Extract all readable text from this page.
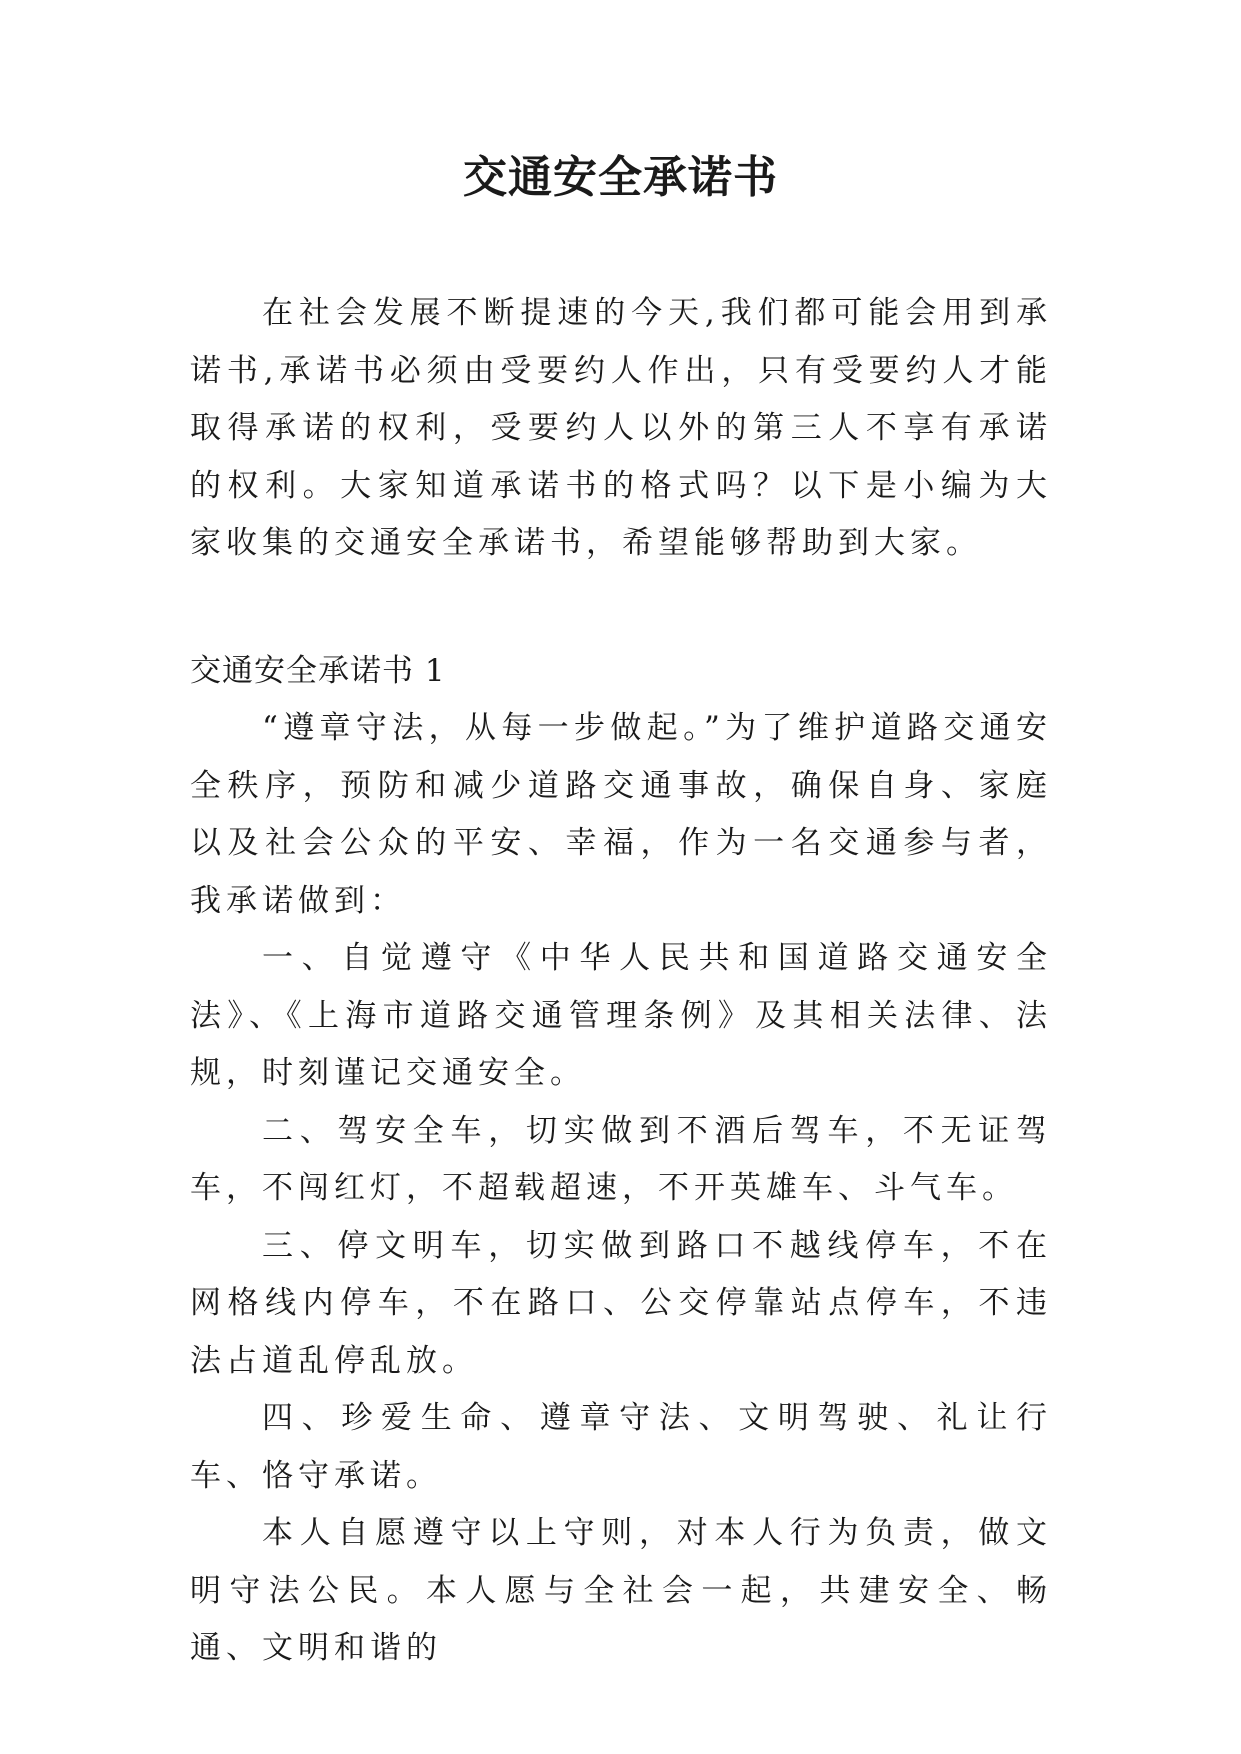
交通安全承诺书

在社会发展不断提速的今天,我们都可能会用到承诺书,承诺书必须由受要约人作出，只有受要约人才能取得承诺的权利，受要约人以外的第三人不享有承诺的权利。大家知道承诺书的格式吗？以下是小编为大家收集的交通安全承诺书，希望能够帮助到大家。

交通安全承诺书 1

“遵章守法，从每一步做起。”为了维护道路交通安全秩序，预防和减少道路交通事故，确保自身、家庭以及社会公众的平安、幸福，作为一名交通参与者，我承诺做到：

一、自觉遵守《中华人民共和国道路交通安全法》、《上海市道路交通管理条例》及其相关法律、法规，时刻谨记交通安全。

二、驾安全车，切实做到不酒后驾车，不无证驾车，不闯红灯，不超载超速，不开英雄车、斗气车。

三、停文明车，切实做到路口不越线停车，不在网格线内停车，不在路口、公交停靠站点停车，不违法占道乱停乱放。

四、珍爱生命、遵章守法、文明驾驶、礼让行车、恪守承诺。

本人自愿遵守以上守则，对本人行为负责，做文明守法公民。本人愿与全社会一起，共建安全、畅通、文明和谐的
